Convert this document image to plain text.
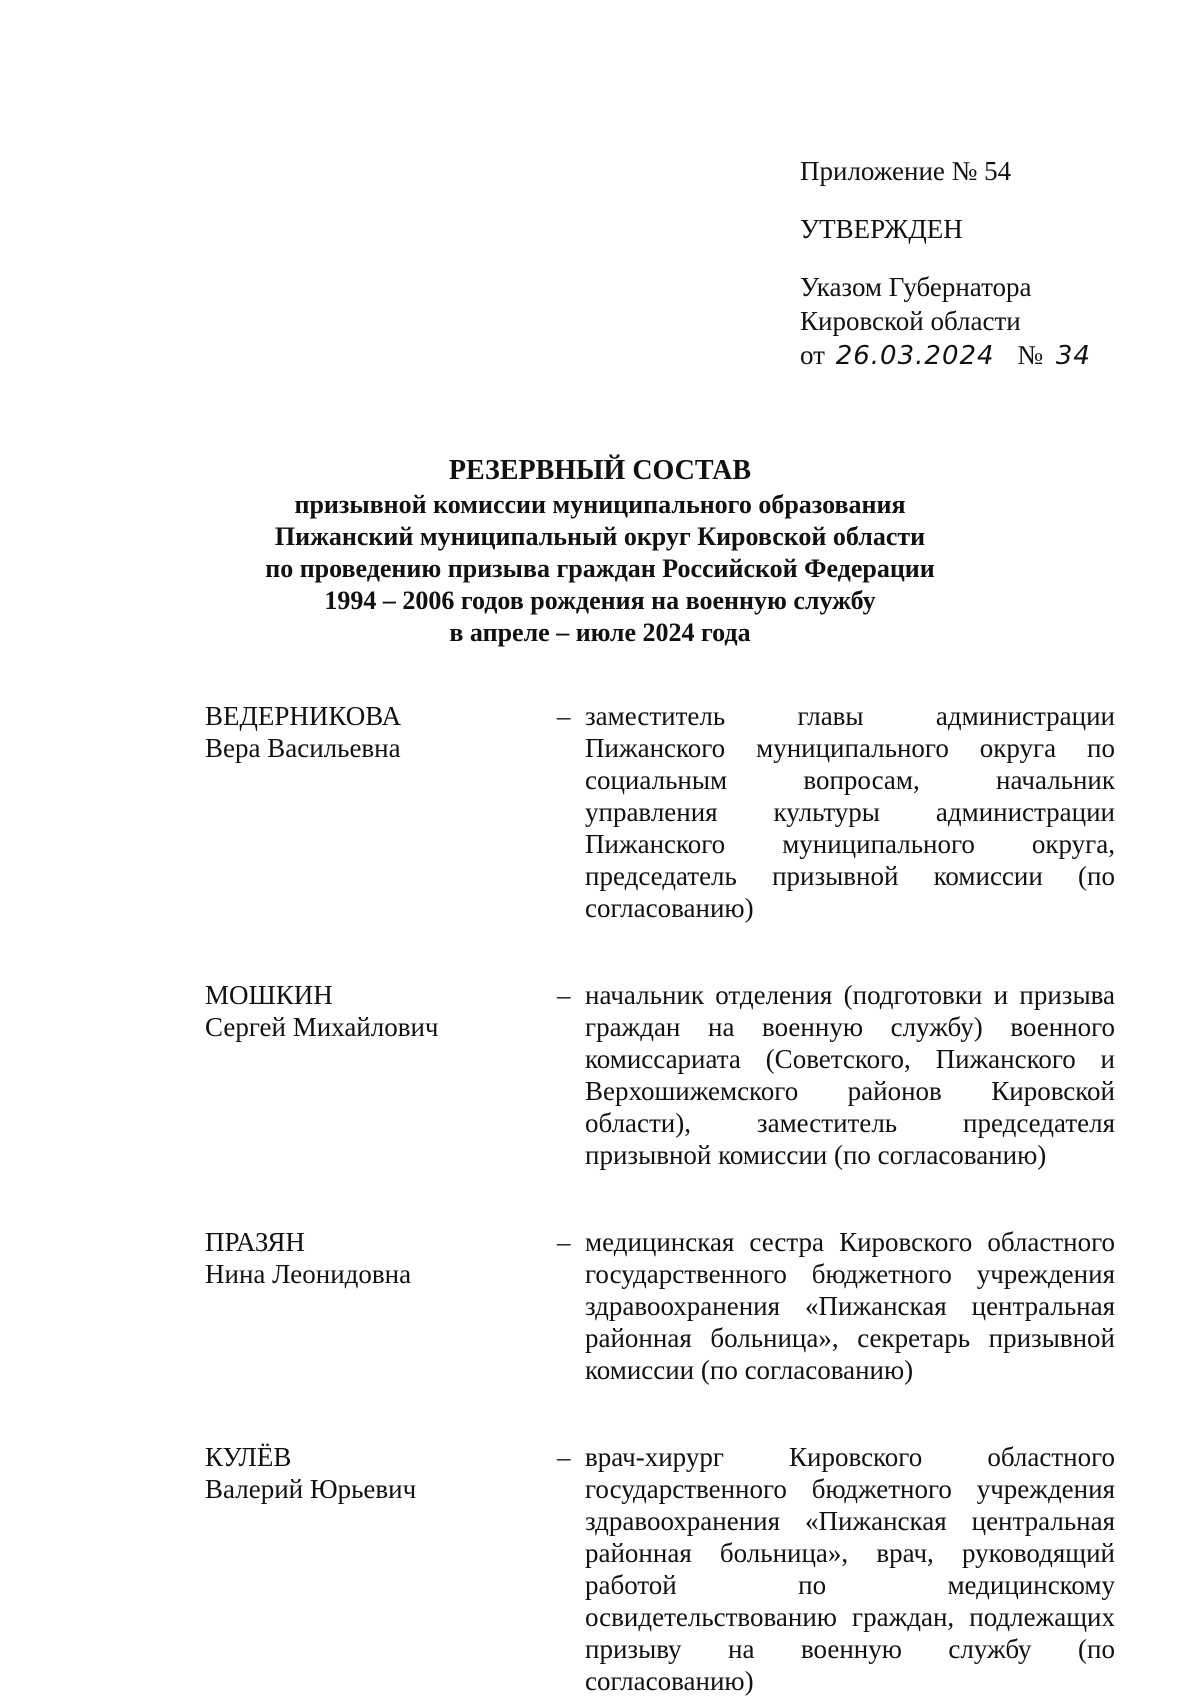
Приложение № 54
УТВЕРЖДЕН
Указом Губернатора
Кировской области
от 26.03.2024 № 34
РЕЗЕРВНЫЙ СОСТАВ
призывной комиссии муниципального образования
Пижанский муниципальный округ Кировской области
по проведению призыва граждан Российской Федерации
1994 – 2006 годов рождения на военную службу
в апреле – июле 2024 года
ВЕДЕРНИКОВА
Вера Васильевна
– заместитель главы администрации Пижанского муниципального округа по социальным вопросам, начальник управления культуры администрации Пижанского муниципального округа, председатель призывной комиссии (по согласованию)
МОШКИН
Сергей Михайлович
– начальник отделения (подготовки и призыва граждан на военную службу) военного комиссариата (Советского, Пижанского и Верхошижемского районов Кировской области), заместитель председателя призывной комиссии (по согласованию)
ПРАЗЯН
Нина Леонидовна
– медицинская сестра Кировского областного государственного бюджетного учреждения здравоохранения «Пижанская центральная районная больница», секретарь призывной комиссии (по согласованию)
КУЛЁВ
Валерий Юрьевич
– врач-хирург Кировского областного государственного бюджетного учреждения здравоохранения «Пижанская центральная районная больница», врач, руководящий работой по медицинскому освидетельствованию граждан, подлежащих призыву на военную службу (по согласованию)
